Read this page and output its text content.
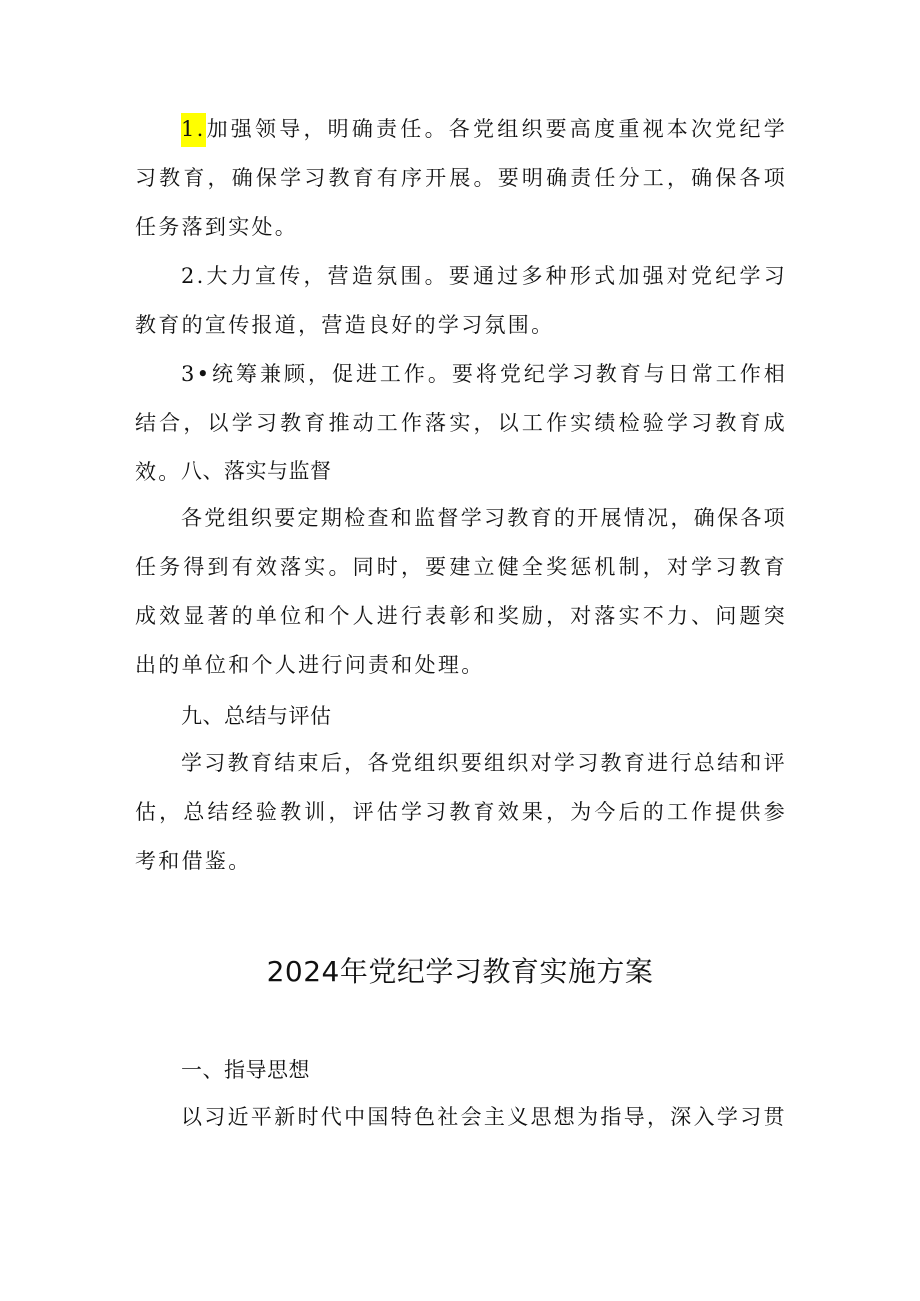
1.加强领导，明确责任。各党组织要高度重视本次党纪学习教育，确保学习教育有序开展。要明确责任分工，确保各项任务落到实处。

2.大力宣传，营造氛围。要通过多种形式加强对党纪学习教育的宣传报道，营造良好的学习氛围。

3•统筹兼顾，促进工作。要将党纪学习教育与日常工作相结合，以学习教育推动工作落实，以工作实绩检验学习教育成效。 八、落实与监督

各党组织要定期检查和监督学习教育的开展情况，确保各项任务得到有效落实。同时，要建立健全奖惩机制，对学习教育成效显著的单位和个人进行表彰和奖励，对落实不力、问题突出的单位和个人进行问责和处理。

九、总结与评估

学习教育结束后，各党组织要组织对学习教育进行总结和评估，总结经验教训，评估学习教育效果，为今后的工作提供参考和借鉴。

2024年党纪学习教育实施方案
一、指导思想

以习近平新时代中国特色社会主义思想为指导，深入学习贯
